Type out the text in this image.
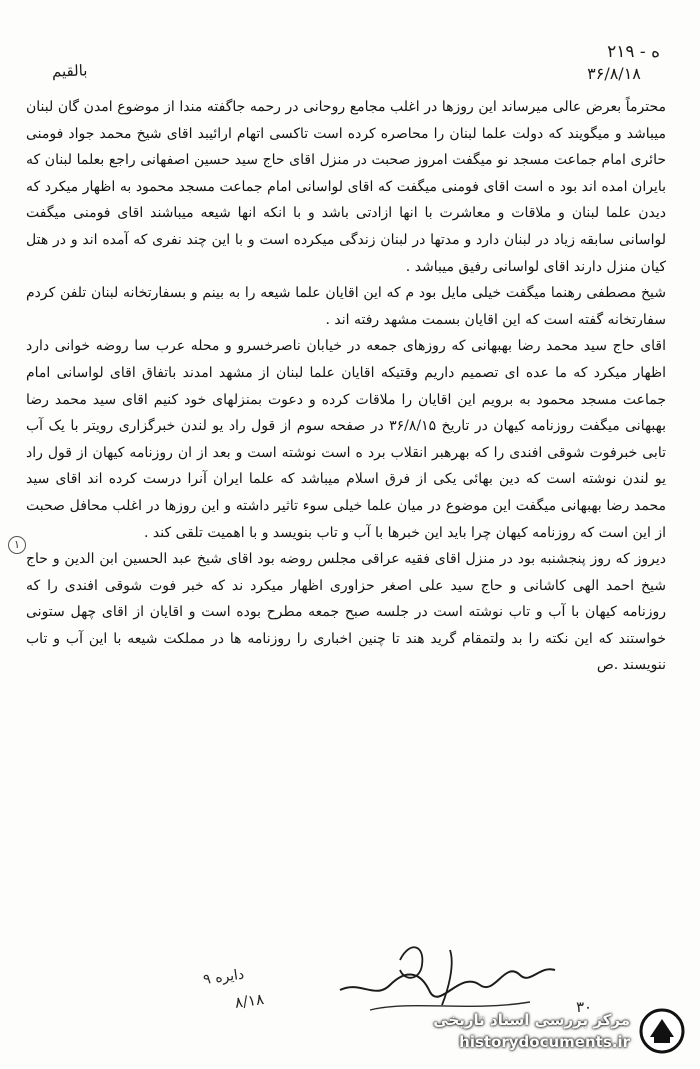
بالقیم
۲۱۹ - ه
۳۶/۸/۱۸
۱

محترماً بعرض عالی میرساند این روزها در اغلب مجامع روحانی در رحمه جاگفته مندا از موضوع امدن گان لبنان میباشد و میگویند که دولت علما لبنان را محاصره کرده است تاکسی اتهام ارائیبد اقای شیخ محمد جواد فومنی حائری امام جماعت مسجد نو میگفت امروز صحبت در منزل اقای حاج سید حسین اصفهانی راجع بعلما لبنان که بایران امده اند بود ه است اقای فومنی میگفت که اقای لواسانی امام جماعت مسجد محمود به اظهار میکرد که دیدن علما لبنان و ملاقات و معاشرت با انها ازادتی باشد و با انکه انها شیعه میباشند اقای فومنی میگفت لواسانی سابقه زیاد در لبنان دارد و مدتها در لبنان زندگی میکرده است و با این چند نفری که آمده اند و در هتل کیان منزل دارند اقای لواسانی رفیق میباشد .

شیخ مصطفی رهنما میگفت خیلی مایل بود م که این اقایان علما شیعه را به بینم و بسفارتخانه لبنان تلفن کردم سفارتخانه گفته است که این اقایان بسمت مشهد رفته اند .

اقای حاج سید محمد رضا بهبهانی که روزهای جمعه در خیابان ناصرخسرو و محله عرب سا روضه خوانی دارد اظهار میکرد که ما عده ای تصمیم داریم وقتیکه اقایان علما لبنان از مشهد امدند باتفاق اقای لواسانی امام جماعت مسجد محمود به برویم این اقایان را ملاقات کرده و دعوت بمنزلهای خود کنیم اقای سید محمد رضا بهبهانی میگفت روزنامه کیهان در تاریخ ۳۶/۸/۱۵ در صفحه سوم از قول راد یو لندن خبرگزاری رویتر با یک آب تابی خبرفوت شوقی افندی را که بهرهبر انقلاب برد ه است نوشته است و بعد از ان روزنامه کیهان از قول راد یو لندن نوشته است که دین بهائی یکی از فرق اسلام میباشد که علما ایران آنرا درست کرده اند اقای سید محمد رضا بهبهانی میگفت این موضوع در میان علما خیلی سوء تاثیر داشته و این روزها در اغلب محافل صحبت از این است که روزنامه کیهان چرا باید این خبرها با آب و تاب بنویسد و با اهمیت تلقی کند .

دیروز که روز پنجشنبه بود در منزل اقای فقیه عراقی مجلس روضه بود اقای شیخ عبد الحسین ابن الدین و حاج شیخ احمد الهی کاشانی و حاج سید علی اصغر حزاوری اظهار میکرد ند که خبر فوت شوقی افندی را که روزنامه کیهان با آب و تاب نوشته است در جلسه صبح جمعه مطرح بوده است و اقایان از اقای چهل ستونی خواستند که این نکته را بد ولتمقام گرید هند تا چنین اخباری را روزنامه ها در مملکت شیعه با این آب و تاب ننویسند .ص

دایره ۹
۸/۱۸	۳۰
مرکز بررسی اسناد تاریخی
historydocuments.ir
